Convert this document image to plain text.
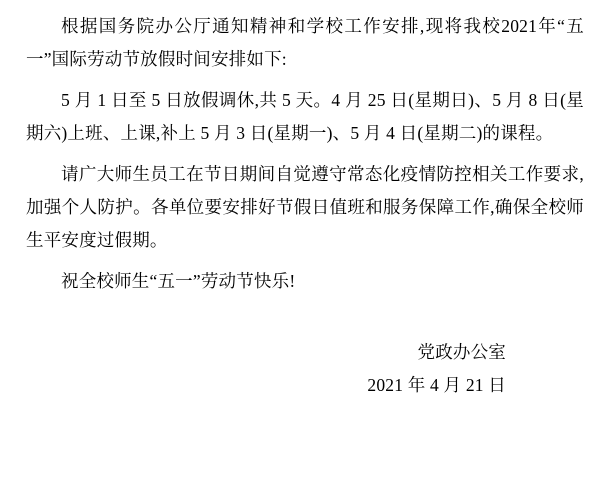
根据国务院办公厅通知精神和学校工作安排,现将我校2021年“五一”国际劳动节放假时间安排如下:

5 月 1 日至 5 日放假调休,共 5 天。4 月 25 日(星期日)、5 月 8 日(星期六)上班、上课,补上 5 月 3 日(星期一)、5 月 4 日(星期二)的课程。

请广大师生员工在节日期间自觉遵守常态化疫情防控相关工作要求,加强个人防护。各单位要安排好节假日值班和服务保障工作,确保全校师生平安度过假期。

祝全校师生“五一”劳动节快乐!

党政办公室
2021 年 4 月 21 日
